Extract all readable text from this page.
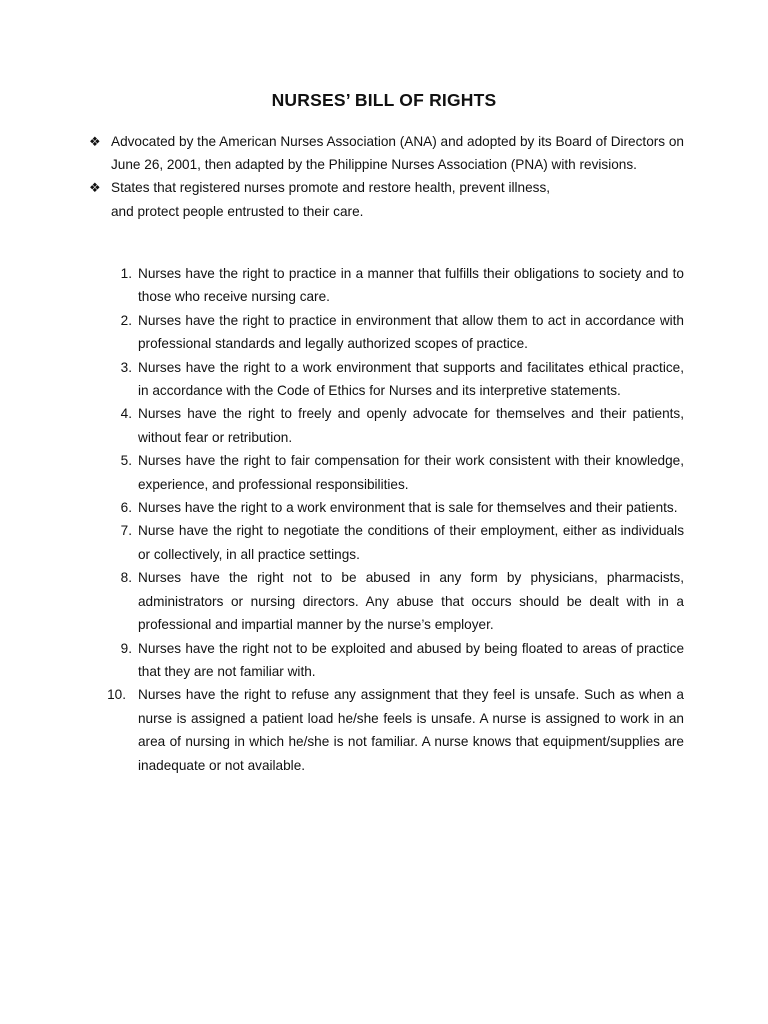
NURSES’ BILL OF RIGHTS
❖ Advocated by the American Nurses Association (ANA) and adopted by its Board of Directors on June 26, 2001, then adapted by the Philippine Nurses Association (PNA) with revisions.
❖ States that registered nurses promote and restore health, prevent illness,
and protect people entrusted to their care.
1. Nurses have the right to practice in a manner that fulfills their obligations to society and to those who receive nursing care.
2. Nurses have the right to practice in environment that allow them to act in accordance with professional standards and legally authorized scopes of practice.
3. Nurses have the right to a work environment that supports and facilitates ethical practice, in accordance with the Code of Ethics for Nurses and its interpretive statements.
4. Nurses have the right to freely and openly advocate for themselves and their patients, without fear or retribution.
5. Nurses have the right to fair compensation for their work consistent with their knowledge, experience, and professional responsibilities.
6. Nurses have the right to a work environment that is sale for themselves and their patients.
7. Nurse have the right to negotiate the conditions of their employment, either as individuals or collectively, in all practice settings.
8. Nurses have the right not to be abused in any form by physicians, pharmacists, administrators or nursing directors. Any abuse that occurs should be dealt with in a professional and impartial manner by the nurse’s employer.
9. Nurses have the right not to be exploited and abused by being floated to areas of practice that they are not familiar with.
10. Nurses have the right to refuse any assignment that they feel is unsafe. Such as when a nurse is assigned a patient load he/she feels is unsafe. A nurse is assigned to work in an area of nursing in which he/she is not familiar. A nurse knows that equipment/supplies are inadequate or not available.
